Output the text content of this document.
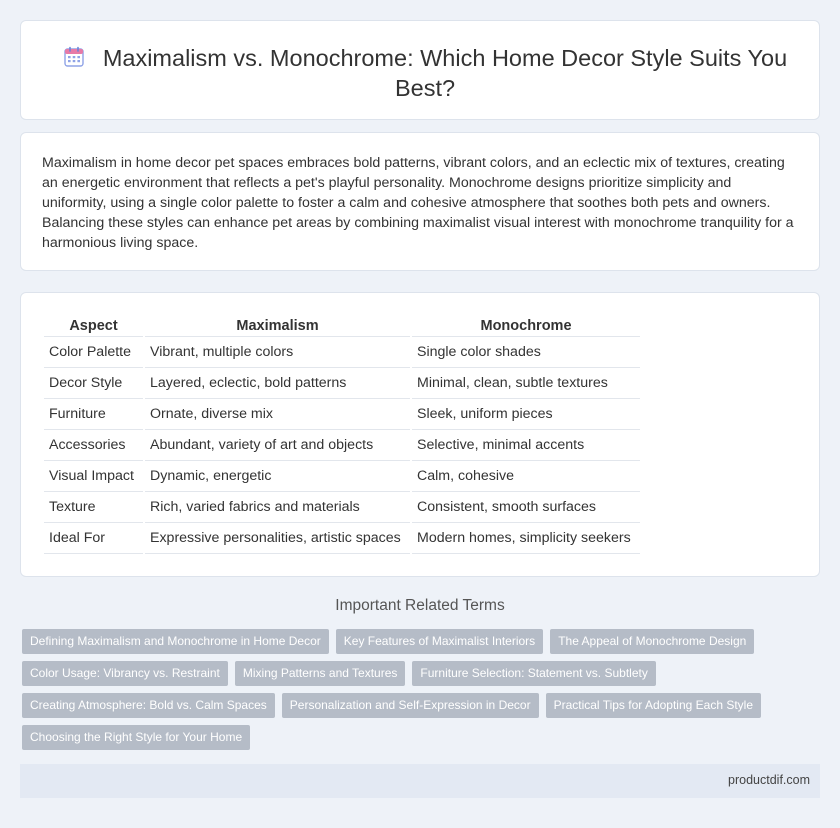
Maximalism vs. Monochrome: Which Home Decor Style Suits You Best?

Maximalism in home decor pet spaces embraces bold patterns, vibrant colors, and an eclectic mix of textures, creating an energetic environment that reflects a pet's playful personality. Monochrome designs prioritize simplicity and uniformity, using a single color palette to foster a calm and cohesive atmosphere that soothes both pets and owners. Balancing these styles can enhance pet areas by combining maximalist visual interest with monochrome tranquility for a harmonious living space.

Aspect	Maximalism	Monochrome
Color Palette	Vibrant, multiple colors	Single color shades
Decor Style	Layered, eclectic, bold patterns	Minimal, clean, subtle textures
Furniture	Ornate, diverse mix	Sleek, uniform pieces
Accessories	Abundant, variety of art and objects	Selective, minimal accents
Visual Impact	Dynamic, energetic	Calm, cohesive
Texture	Rich, varied fabrics and materials	Consistent, smooth surfaces
Ideal For	Expressive personalities, artistic spaces	Modern homes, simplicity seekers
Important Related Terms
Defining Maximalism and Monochrome in Home Decor	Key Features of Maximalist Interiors	The Appeal of Monochrome Design
Color Usage: Vibrancy vs. Restraint	Mixing Patterns and Textures	Furniture Selection: Statement vs. Subtlety
Creating Atmosphere: Bold vs. Calm Spaces	Personalization and Self-Expression in Decor	Practical Tips for Adopting Each Style
Choosing the Right Style for Your Home
productdif.com
